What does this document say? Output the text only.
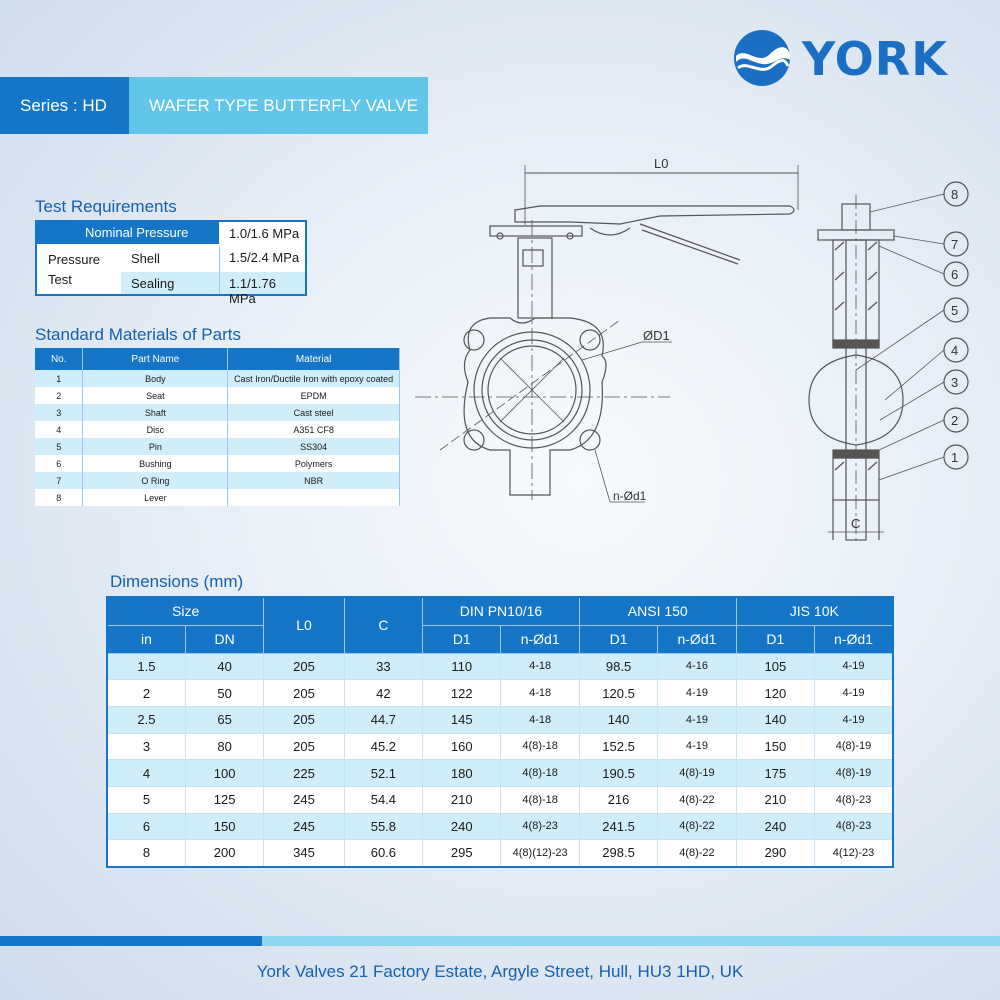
YORK
Series : HD	WAFER TYPE BUTTERFLY VALVE
Test Requirements
Nominal Pressure	1.0/1.6 MPa
Pressure
Test
Shell	1.5/2.4 MPa
Sealing	1.1/1.76 MPa
Standard Materials of Parts
No.	Part Name	Material
1	Body	Cast Iron/Ductile Iron with epoxy coated
2	Seat	EPDM
3	Shaft	Cast steel
4	Disc	A351 CF8
5	Pin	SS304
6	Bushing	Polymers
7	O Ring	NBR
8	Lever	
L0
ØD1
n-Ød1
C
8
7
6
5
4
3
2
1
Dimensions (mm)
Size		L0	C	DIN PN10/16		ANSI 150		JIS 10K	
in	DN			D1	n-Ød1	D1	n-Ød1	D1	n-Ød1
1.5	40	205	33	110	4-18	98.5	4-16	105	4-19
2	50	205	42	122	4-18	120.5	4-19	120	4-19
2.5	65	205	44.7	145	4-18	140	4-19	140	4-19
3	80	205	45.2	160	4(8)-18	152.5	4-19	150	4(8)-19
4	100	225	52.1	180	4(8)-18	190.5	4(8)-19	175	4(8)-19
5	125	245	54.4	210	4(8)-18	216	4(8)-22	210	4(8)-23
6	150	245	55.8	240	4(8)-23	241.5	4(8)-22	240	4(8)-23
8	200	345	60.6	295	4(8)(12)-23	298.5	4(8)-22	290	4(12)-23
York Valves 21 Factory Estate, Argyle Street, Hull, HU3 1HD, UK
